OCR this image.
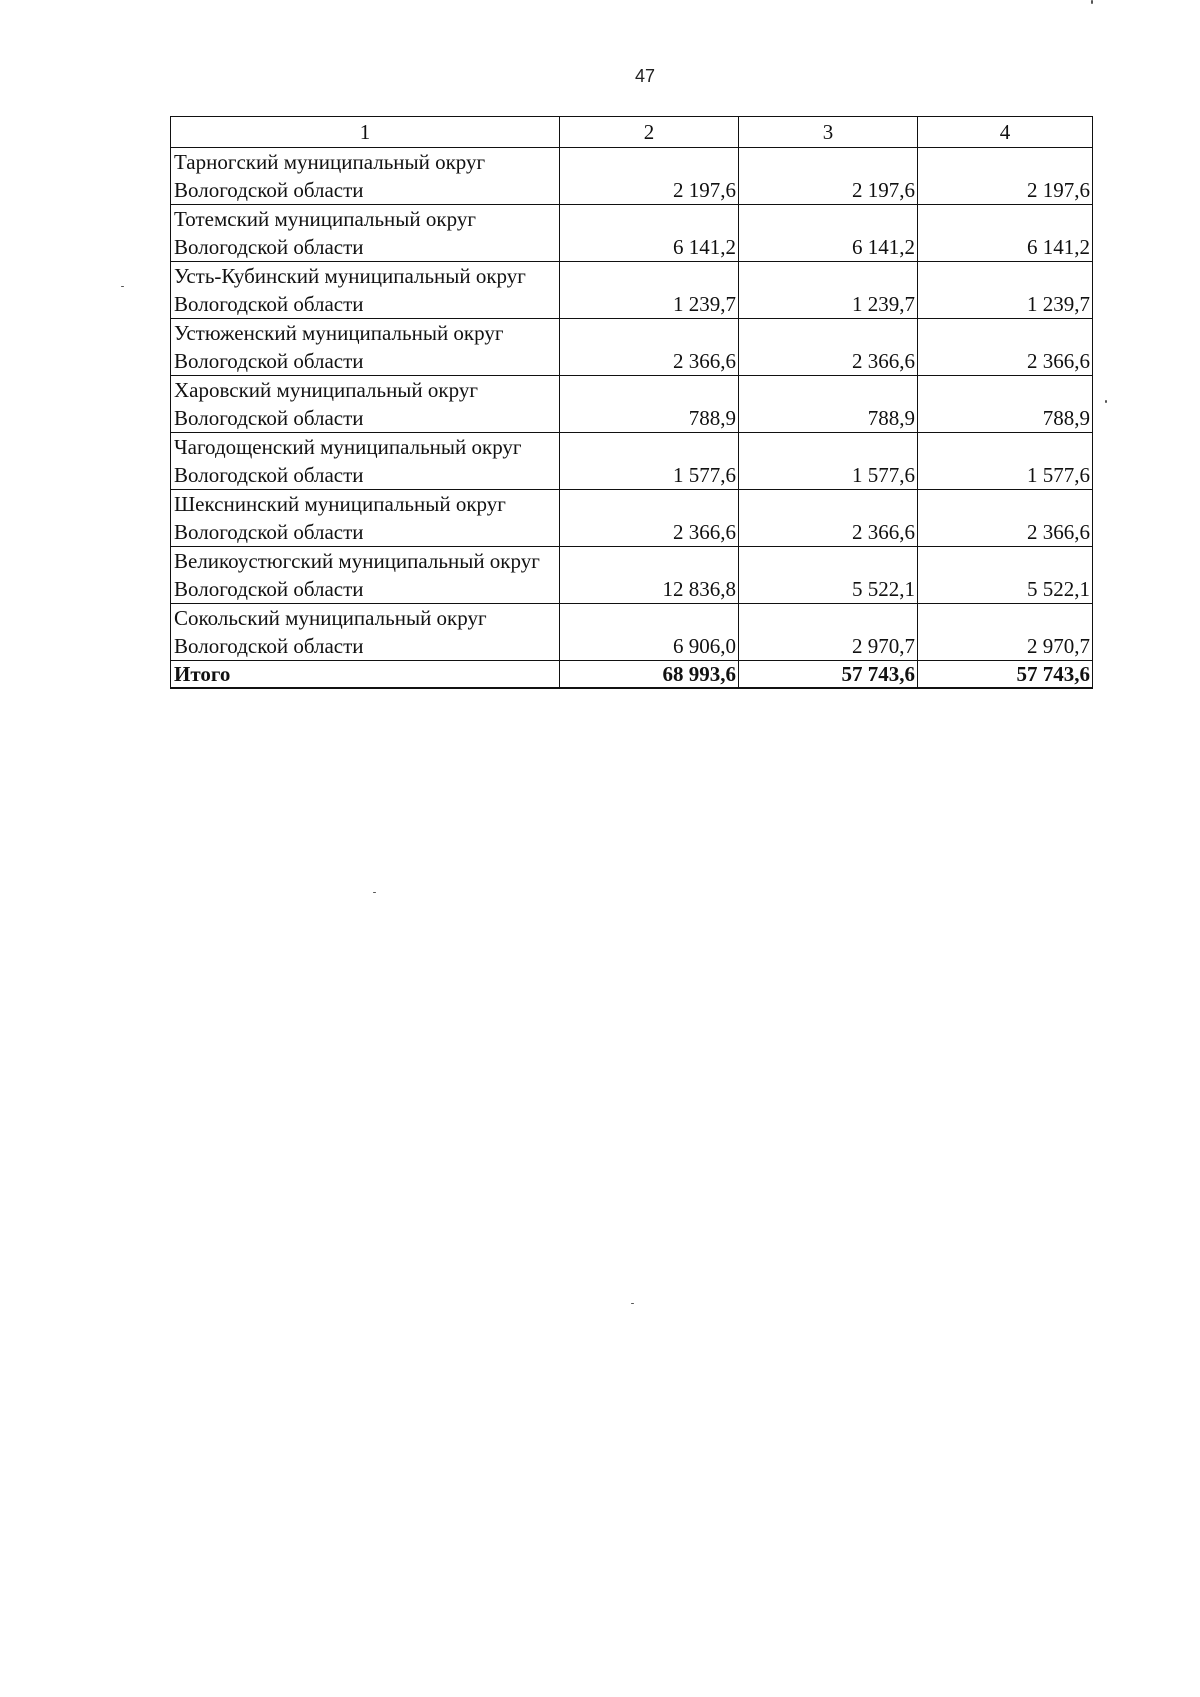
47
1	2	3	4
Тарногский муниципальный округ Вологодской области	2 197,6	2 197,6	2 197,6
Тотемский муниципальный округ Вологодской области	6 141,2	6 141,2	6 141,2
Усть-Кубинский муниципальный округ Вологодской области	1 239,7	1 239,7	1 239,7
Устюженский муниципальный округ Вологодской области	2 366,6	2 366,6	2 366,6
Харовский муниципальный округ Вологодской области	788,9	788,9	788,9
Чагодощенский муниципальный округ Вологодской области	1 577,6	1 577,6	1 577,6
Шекснинский муниципальный округ Вологодской области	2 366,6	2 366,6	2 366,6
Великоустюгский муниципальный округ Вологодской области	12 836,8	5 522,1	5 522,1
Сокольский муниципальный округ Вологодской области	6 906,0	2 970,7	2 970,7
Итого	68 993,6	57 743,6	57 743,6
